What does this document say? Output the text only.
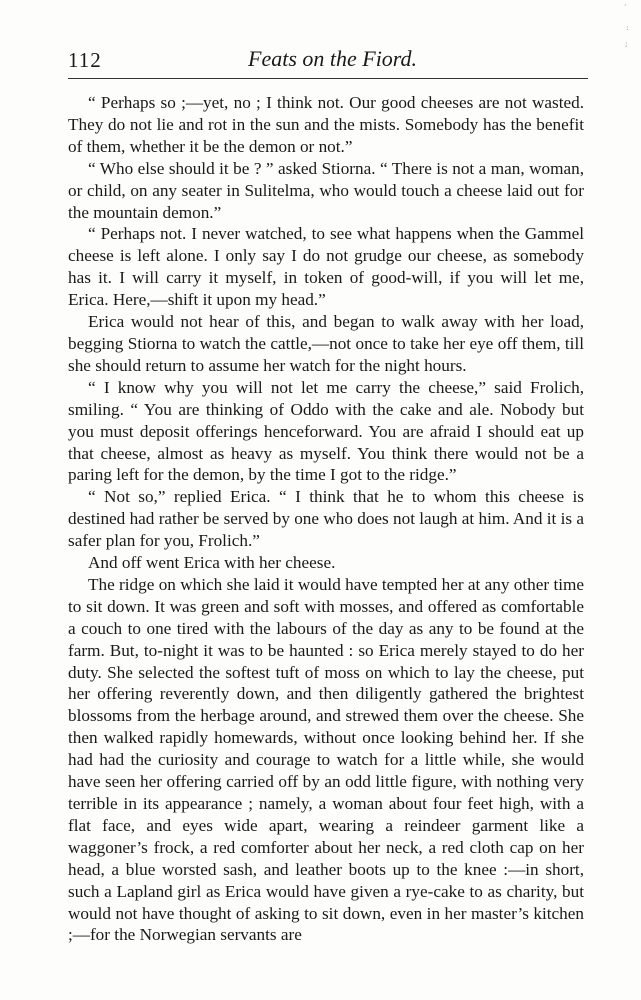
·
:
;
112	Feats on the Fiord.

“ Perhaps so ;—yet, no ; I think not. Our good cheeses are not wasted. They do not lie and rot in the sun and the mists. Somebody has the benefit of them, whether it be the demon or not.”

“ Who else should it be ? ” asked Stiorna. “ There is not a man, woman, or child, on any seater in Sulitelma, who would touch a cheese laid out for the mountain demon.”

“ Perhaps not. I never watched, to see what happens when the Gammel cheese is left alone. I only say I do not grudge our cheese, as somebody has it. I will carry it myself, in token of good-will, if you will let me, Erica. Here,—shift it upon my head.”

Erica would not hear of this, and began to walk away with her load, begging Stiorna to watch the cattle,—not once to take her eye off them, till she should return to assume her watch for the night hours.

“ I know why you will not let me carry the cheese,” said Frolich, smiling. “ You are thinking of Oddo with the cake and ale. Nobody but you must deposit offerings henceforward. You are afraid I should eat up that cheese, almost as heavy as myself. You think there would not be a paring left for the demon, by the time I got to the ridge.”

“ Not so,” replied Erica. “ I think that he to whom this cheese is destined had rather be served by one who does not laugh at him. And it is a safer plan for you, Frolich.”

And off went Erica with her cheese.

The ridge on which she laid it would have tempted her at any other time to sit down. It was green and soft with mosses, and offered as comfortable a couch to one tired with the labours of the day as any to be found at the farm. But, to-night it was to be haunted : so Erica merely stayed to do her duty. She selected the softest tuft of moss on which to lay the cheese, put her offering reverently down, and then diligently gathered the brightest blossoms from the herbage around, and strewed them over the cheese. She then walked rapidly homewards, without once looking behind her. If she had had the curiosity and courage to watch for a little while, she would have seen her offering carried off by an odd little figure, with nothing very terrible in its appearance ; namely, a woman about four feet high, with a flat face, and eyes wide apart, wearing a reindeer garment like a waggoner’s frock, a red comforter about her neck, a red cloth cap on her head, a blue worsted sash, and leather boots up to the knee :—in short, such a Lapland girl as Erica would have given a rye-cake to as charity, but would not have thought of asking to sit down, even in her master’s kitchen ;—for the Norwegian servants are
